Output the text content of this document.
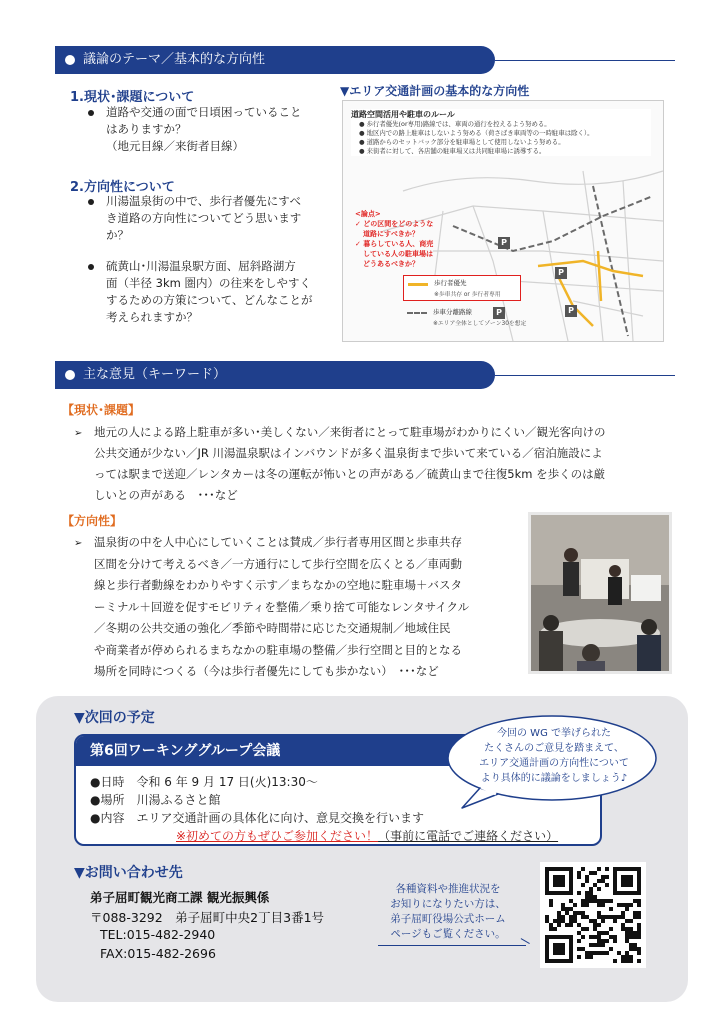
議論のテーマ／基本的な方向性
1.現状･課題について
道路や交通の面で日頃困っていること
はありますか？
（地元目線／来街者目線）
2.方向性について
川湯温泉街の中で、歩行者優先にすべ
き道路の方向性についてどう思います
か？
硫黄山･川湯温泉駅方面、屈斜路湖方
面（半径 3km 圏内）の往来をしやすく
するための方策について、どんなことが
考えられますか？
▼エリア交通計画の基本的な方向性
道路空間活用や駐車のルール
● 歩行者優先(or専用)路線では、車両の通行を控えるよう努める。
● 地区内での路上駐車はしないよう努める（荷さばき車両等の一時駐車は除く）。
● 道路からのセットバック部分を駐車場として使用しないよう努める。
● 来街者に対して、各店舗の駐車場又は共同駐車場に誘導する。
<論点>
✓ どの区間をどのような
道路にすべきか？
✓ 暮らしている人、商売
している人の駐車場は
どうあるべきか？
P
P
P
P
歩行者優先
※歩車共存 or 歩行者専用
歩車分離路線
※エリア全体としてゾーン30を想定
主な意見（キーワード）
【現状･課題】
➢ 地元の人による路上駐車が多い･美しくない／来街者にとって駐車場がわかりにくい／観光客向けの
公共交通が少ない／JR 川湯温泉駅はインバウンドが多く温泉街まで歩いて来ている／宿泊施設によ
っては駅まで送迎／レンタカーは冬の運転が怖いとの声がある／硫黄山まで往復5km を歩くのは厳
しいとの声がある　･･･など
【方向性】
➢ 温泉街の中を人中心にしていくことは賛成／歩行者専用区間と歩車共存
区間を分けて考えるべき／一方通行にして歩行空間を広くとる／車両動
線と歩行者動線をわかりやすく示す／まちなかの空地に駐車場＋バスタ
ーミナル＋回遊を促すモビリティを整備／乗り捨て可能なレンタサイクル
／冬期の公共交通の強化／季節や時間帯に応じた交通規制／地域住民
や商業者が停められるまちなかの駐車場の整備／歩行空間と目的となる
場所を同時につくる（今は歩行者優先にしても歩かない）　･･･など
▼次回の予定
第6回ワーキンググループ会議
●日時　令和 6 年 9 月 17 日(火)13:30～
●場所　川湯ふるさと館
●内容　エリア交通計画の具体化に向け、意見交換を行います
※初めての方もぜひご参加ください！（事前に電話でご連絡ください）
今回の WG で挙げられた
たくさんのご意見を踏まえて、
エリア交通計画の方向性について
より具体的に議論をしましょう♪
▼お問い合わせ先
弟子屈町観光商工課 観光振興係
〒088-3292　弟子屈町中央2丁目3番1号
TEL:015-482-2940
FAX:015-482-2696
各種資料や推進状況を
お知りになりたい方は、
弟子屈町役場公式ホーム
ページもご覧ください。
